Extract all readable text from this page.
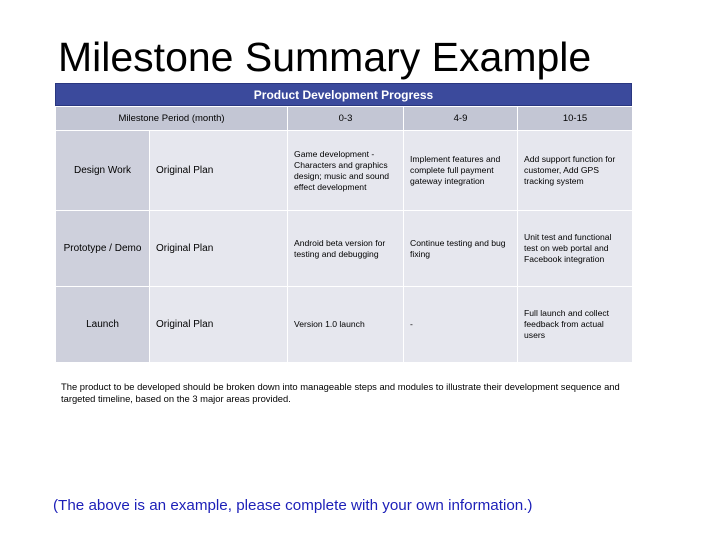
Milestone Summary Example
Product Development Progress
Milestone Period (month)		0-3	4-9	10-15
Design Work	Original Plan	Game development - Characters and graphics design; music and sound effect development	Implement features and complete full payment gateway integration	Add support function for customer, Add GPS tracking system
Prototype / Demo	Original Plan	Android beta version for testing and debugging	Continue testing and bug fixing	Unit test and functional test on web portal and Facebook integration
Launch	Original Plan	Version 1.0 launch	-	Full launch and collect feedback from actual users
The product to be developed should be broken down into manageable steps and modules to illustrate their development sequence and targeted timeline, based on the 3 major areas provided.
(The above is an example, please complete with your own information.)
